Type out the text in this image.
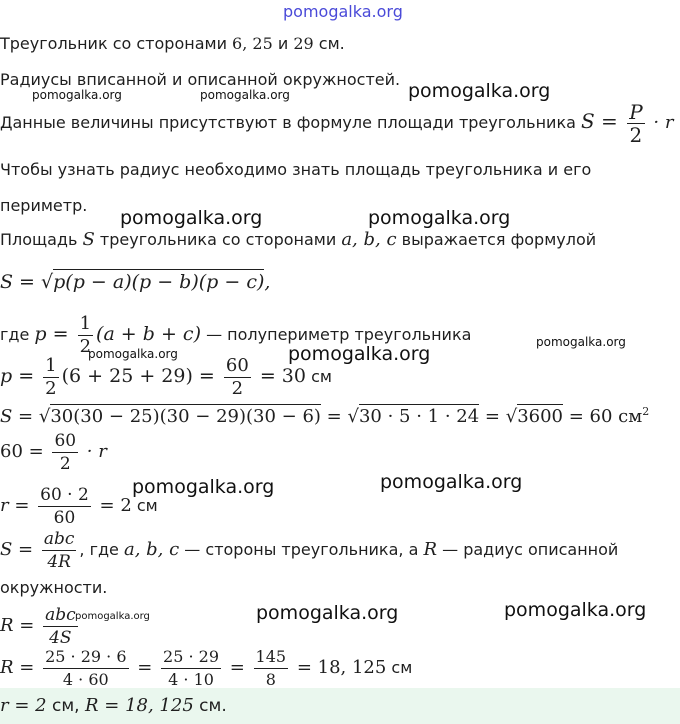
pomogalka.org
pomogalka.org
pomogalka.org	pomogalka.org
pomogalka.org	pomogalka.org
pomogalka.org	pomogalka.org
pomogalka.org
pomogalka.org	pomogalka.org
pomogalka.org	pomogalka.org	pomogalka.org
Треугольник со сторонами 6, 25 и 29 см.
Радиусы вписанной и описанной окружностей.
Данные величины присутствуют в формуле площади треугольника $S = \frac{P}{2} \cdot r$
Чтобы узнать радиус необходимо знать площадь треугольника и его
периметр.
Площадь S треугольника со сторонами a, b, c выражается формулой
S = √p(p − a)(p − b)(p − c),
где $p = \frac{1}{2} (a + b + c)$ — полупериметр треугольника
$p = \frac{1}{2} (6 + 25 + 29) = \frac{60}{2} = 30$ см
S = √30(30 − 25)(30 − 29)(30 − 6) = √30 · 5 · 1 · 24 = √3600 = 60 $см^2$
$60 = \frac{60}{2} \cdot r$
$r = \frac{60 \cdot 2}{60} = 2$ см
$S = \frac{\text{abc}}{4R}$ , где a, b, c — стороны треугольника, а R — радиус описанной
окружности.
$R = \frac{\text{abc}}{4S}$
$R = \frac{25 \cdot 29 \cdot 6}{4 \cdot 60} = \frac{25 \cdot 29}{4 \cdot 10} = \frac{145}{8} = 18$, 125 см
r = 2 см, R = 18, 125 см.
